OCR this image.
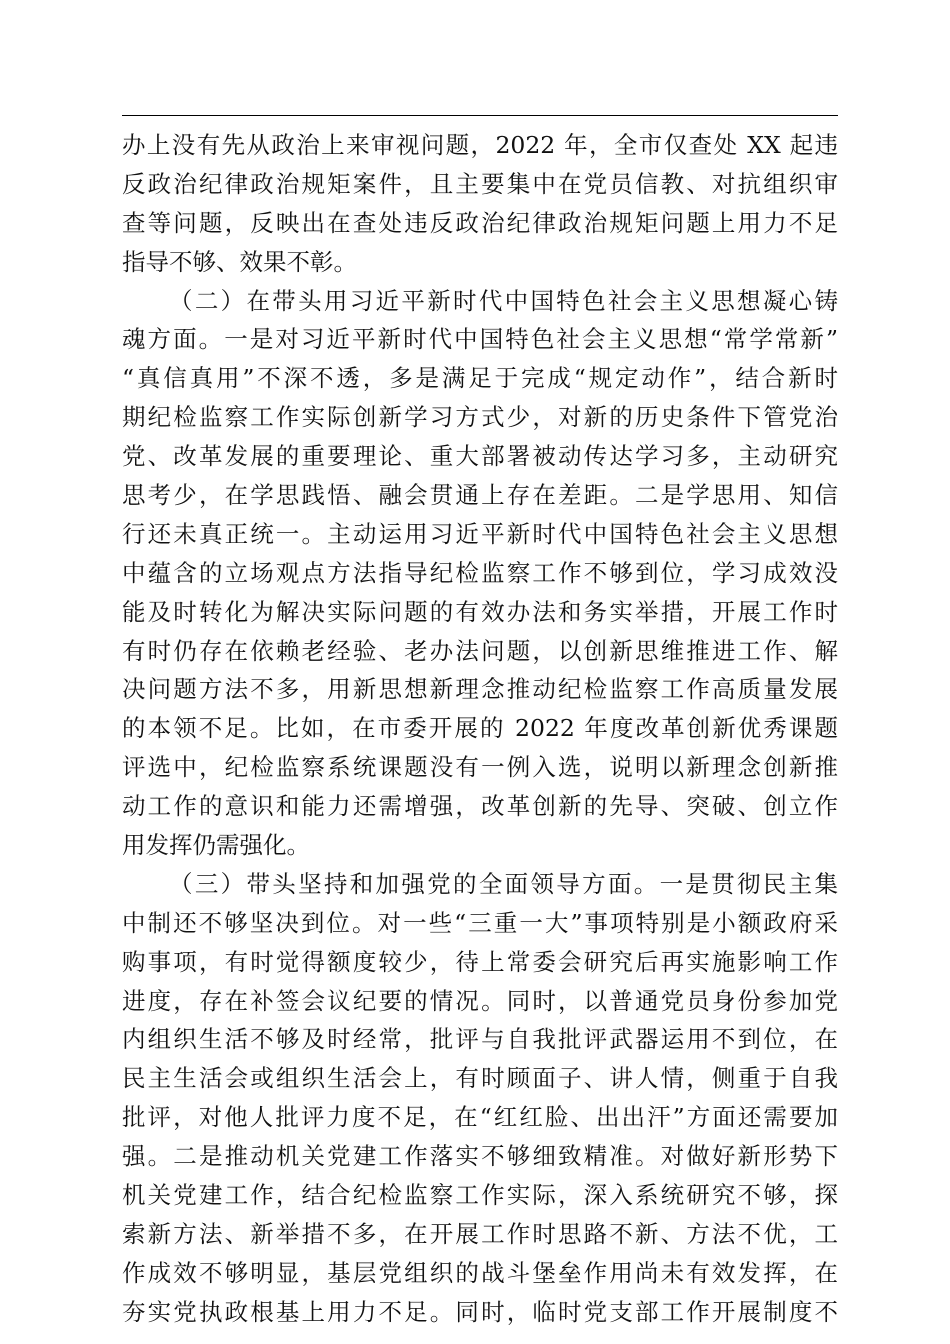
办上没有先从政治上来审视问题，2022 年，全市仅查处 XX 起违
反政治纪律政治规矩案件，且主要集中在党员信教、对抗组织审
查等问题，反映出在查处违反政治纪律政治规矩问题上用力不足
指导不够、效果不彰。
（二）在带头用习近平新时代中国特色社会主义思想凝心铸
魂方面。一是对习近平新时代中国特色社会主义思想“常学常新”
“真信真用”不深不透，多是满足于完成“规定动作”，结合新时
期纪检监察工作实际创新学习方式少，对新的历史条件下管党治
党、改革发展的重要理论、重大部署被动传达学习多，主动研究
思考少，在学思践悟、融会贯通上存在差距。二是学思用、知信
行还未真正统一。主动运用习近平新时代中国特色社会主义思想
中蕴含的立场观点方法指导纪检监察工作不够到位，学习成效没
能及时转化为解决实际问题的有效办法和务实举措，开展工作时
有时仍存在依赖老经验、老办法问题，以创新思维推进工作、解
决问题方法不多，用新思想新理念推动纪检监察工作高质量发展
的本领不足。比如，在市委开展的 2022 年度改革创新优秀课题
评选中，纪检监察系统课题没有一例入选，说明以新理念创新推
动工作的意识和能力还需增强，改革创新的先导、突破、创立作
用发挥仍需强化。
（三）带头坚持和加强党的全面领导方面。一是贯彻民主集
中制还不够坚决到位。对一些“三重一大”事项特别是小额政府采
购事项，有时觉得额度较少，待上常委会研究后再实施影响工作
进度，存在补签会议纪要的情况。同时，以普通党员身份参加党
内组织生活不够及时经常，批评与自我批评武器运用不到位，在
民主生活会或组织生活会上，有时顾面子、讲人情，侧重于自我
批评，对他人批评力度不足，在“红红脸、出出汗”方面还需要加
强。二是推动机关党建工作落实不够细致精准。对做好新形势下
机关党建工作，结合纪检监察工作实际，深入系统研究不够，探
索新方法、新举措不多，在开展工作时思路不新、方法不优，工
作成效不够明显，基层党组织的战斗堡垒作用尚未有效发挥，在
夯实党执政根基上用力不足。同时，临时党支部工作开展制度不
